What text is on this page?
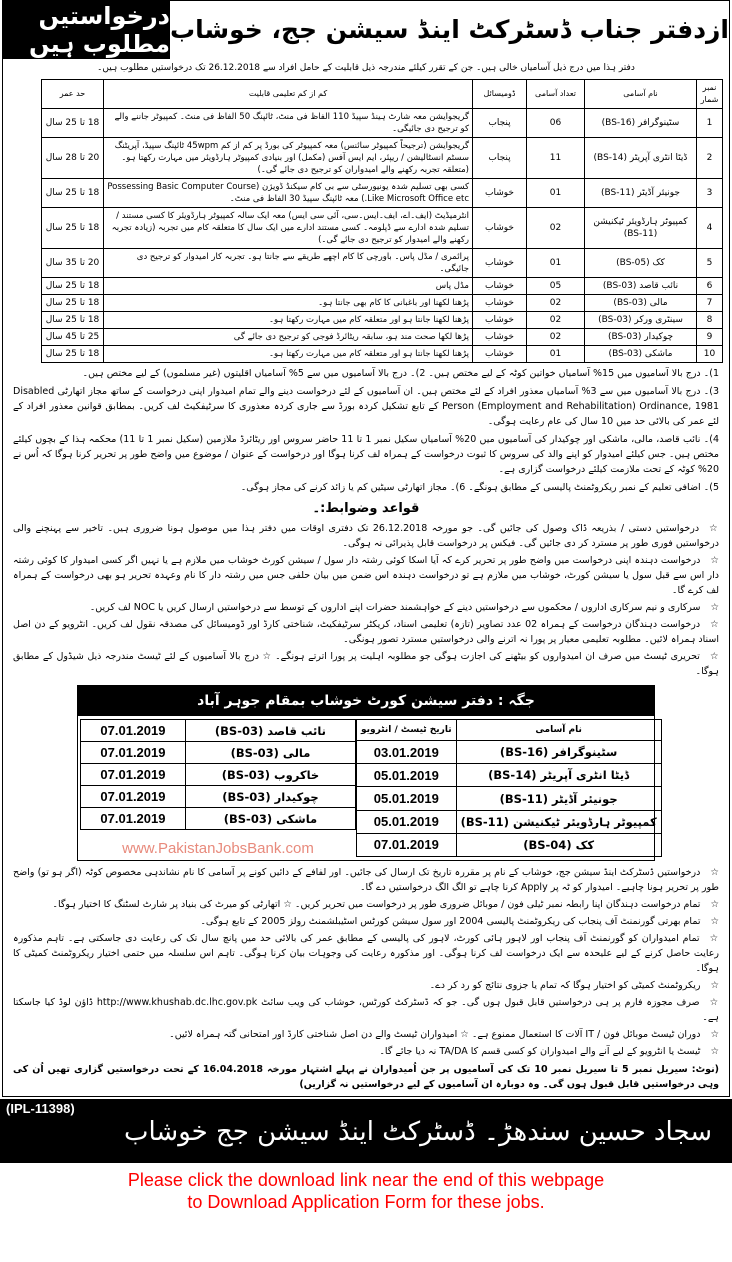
درخواستیں مطلوب ہیں ازدفتر جناب ڈسٹرکٹ اینڈ سیشن جج، خوشاب
دفتر ہذا میں درج ذیل آسامیاں خالی ہیں۔ جن کے تقرر کیلئے مندرجہ ذیل قابلیت کے حامل افراد سے 26.12.2018 تک درخواستیں مطلوب ہیں۔
نمبر شمار	نام آسامی	تعداد آسامی	ڈومیسائل	کم از کم تعلیمی قابلیت	حد عمر
1	سٹینوگرافر (BS-16)	06	پنجاب	گریجوایشن معہ شارٹ ہینڈ سپیڈ 110 الفاظ فی منٹ، ٹائپنگ 50 الفاظ فی منٹ۔ کمپیوٹر جاننے والے کو ترجیح دی جائیگی۔	18 تا 25 سال
2	ڈیٹا انٹری آپریٹر (BS-14)	11	پنجاب	گریجوایشن (ترجیحاً کمپیوٹر سائنس) معہ کمپیوٹر کی بورڈ پر کم از کم 45wpm ٹائپنگ سپیڈ، آپریٹنگ سسٹم انسٹالیشن / ریپئر، ایم ایس آفس (مکمل) اور بنیادی کمپیوٹر ہارڈویئر میں مہارت رکھتا ہو۔ (متعلقہ تجربہ رکھنے والے امیدواران کو ترجیح دی جائے گی۔)	20 تا 28 سال
3	جونیئر آڈیٹر (BS-11)	01	خوشاب	کسی بھی تسلیم شدہ یونیورسٹی سے بی کام سیکنڈ ڈویژن (Possessing Basic Computer Course Like Microsoft Office etc.) معہ ٹائپنگ سپیڈ 30 الفاظ فی منٹ۔	18 تا 25 سال
4	کمپیوٹر ہارڈویئر ٹیکنیشن (BS-11)	02	خوشاب	انٹرمیڈیٹ (ایف۔اے، ایف۔ایس۔سی، آئی سی ایس) معہ ایک سالہ کمپیوٹر ہارڈویئر کا کسی مستند / تسلیم شدہ ادارے سے ڈپلومہ۔ کسی مستند ادارے میں ایک سال کا متعلقہ کام میں تجربہ (زیادہ تجربہ رکھنے والے امیدوار کو ترجیح دی جائے گی۔)	18 تا 25 سال
5	کک (BS-05)	01	خوشاب	پرائمری / مڈل پاس۔ باورچی کا کام اچھے طریقے سے جانتا ہو۔ تجربہ کار امیدوار کو ترجیح دی جائیگی۔	20 تا 35 سال
6	نائب قاصد (BS-03)	05	خوشاب	مڈل پاس	18 تا 25 سال
7	مالی (BS-03)	02	خوشاب	پڑھنا لکھنا اور باغبانی کا کام بھی جانتا ہو۔	18 تا 25 سال
8	سینٹری ورکر (BS-03)	02	خوشاب	پڑھنا لکھنا جانتا ہو اور متعلقہ کام میں مہارت رکھتا ہو۔	18 تا 25 سال
9	چوکیدار (BS-03)	02	خوشاب	پڑھا لکھا صحت مند ہو، سابقہ ریٹائرڈ فوجی کو ترجیح دی جائے گی	25 تا 45 سال
10	ماشکی (BS-03)	01	خوشاب	پڑھنا لکھنا جانتا ہو اور متعلقہ کام میں مہارت رکھتا ہو۔	18 تا 25 سال
1)۔ درج بالا آسامیوں میں 15% آسامیاں خواتین کوٹہ کے لیے مختص ہیں۔ 2)۔ درج بالا آسامیوں میں سے 5% آسامیاں اقلیتوں (غیر مسلموں) کے لیے مختص ہیں۔
3)۔ درج بالا آسامیوں میں سے 3% آسامیاں معذور افراد کے لئے مختص ہیں۔ ان آسامیوں کے لئے درخواست دینے والے تمام امیدوار اپنی درخواست کے ساتھ مجاز اتھارٹی Disabled Person (Employment and Rehabilitation) Ordinance, 1981 کے تابع تشکیل کردہ بورڈ سے جاری کردہ معذوری کا سرٹیفکیٹ لف کریں۔ بمطابق قوانین معذور افراد کے لئے عمر کی بالائی حد میں 10 سال کی عام رعایت ہوگی۔
4)۔ نائب قاصد، مالی، ماشکی اور چوکیدار کی آسامیوں میں 20% آسامیاں سکیل نمبر 1 تا 11 حاضر سروس اور ریٹائرڈ ملازمین (سکیل نمبر 1 تا 11) محکمہ ہذا کے بچوں کیلئے مختص ہیں۔ جس کیلئے امیدوار کو اپنے والد کی سروس کا ثبوت درخواست کے ہمراہ لف کرنا ہوگا اور درخواست کے عنوان / موضوع میں واضح طور پر تحریر کرنا ہوگا کہ اُس نے 20% کوٹہ کے تحت ملازمت کیلئے درخواست گزاری ہے۔
5)۔ اضافی تعلیم کے نمبر ریکروٹمنٹ پالیسی کے مطابق ہونگے۔ 6)۔ مجاز اتھارٹی سیٹیں کم یا زائد کرنے کی مجاز ہوگی۔
قواعد وضوابط:۔
☆درخواستیں دستی / بذریعہ ڈاک وصول کی جائیں گی۔ جو مورخہ 26.12.2018 تک دفتری اوقات میں دفتر ہذا میں موصول ہونا ضروری ہیں۔ تاخیر سے پہنچنے والی درخواستیں فوری طور پر مسترد کر دی جائیں گی۔ فیکس پر درخواست قابل پذیرائی نہ ہوگی۔
☆درخواست دہندہ اپنی درخواست میں واضح طور پر تحریر کرے کہ آیا اسکا کوئی رشتہ دار سول / سیشن کورٹ خوشاب میں ملازم ہے یا نہیں اگر کسی امیدوار کا کوئی رشتہ دار اس سے قبل سول یا سیشن کورٹ، خوشاب میں ملازم ہے تو درخواست دہندہ اس ضمن میں بیان حلفی جس میں رشتہ دار کا نام وعہدہ تحریر ہو بھی درخواست کے ہمراہ لف کرے گا۔
☆سرکاری و نیم سرکاری اداروں / محکموں سے درخواستیں دینے کے خواہشمند حضرات اپنے اداروں کے توسط سے درخواستیں ارسال کریں یا NOC لف کریں۔
☆درخواست دہندگان درخواست کے ہمراہ 02 عدد تصاویر (تازہ) تعلیمی اسناد، کریکٹر سرٹیفکیٹ، شناختی کارڈ اور ڈومیسائل کی مصدقہ نقول لف کریں۔ انٹرویو کے دن اصل اسناد ہمراہ لائیں۔ مطلوبہ تعلیمی معیار پر پورا نہ اترنے والی درخواستیں مسترد تصور ہونگی۔
☆تحریری ٹیسٹ میں صرف ان امیدواروں کو بیٹھنے کی اجازت ہوگی جو مطلوبہ اہلیت پر پورا اترتے ہونگے۔ ☆ درج بالا آسامیوں کے لئے ٹیسٹ مندرجہ ذیل شیڈول کے مطابق ہوگا۔
جگہ : دفتر سیشن کورٹ خوشاب بمقام جوہر آباد
07.01.2019	نائب قاصد (BS-03)
07.01.2019	مالی (BS-03)
07.01.2019	خاکروب (BS-03)
07.01.2019	چوکیدار (BS-03)
07.01.2019	ماشکی (BS-03)
www.PakistanJobsBank.com
تاریخ ٹیسٹ / انٹرویو	نام آسامی
03.01.2019	سٹینوگرافر (BS-16)
05.01.2019	ڈیٹا انٹری آپریٹر (BS-14)
05.01.2019	جونیئر آڈیٹر (BS-11)
05.01.2019	کمپیوٹر ہارڈویئر ٹیکنیشن (BS-11)
07.01.2019	کک (BS-04)
☆درخواستیں ڈسٹرکٹ اینڈ سیشن جج، خوشاب کے نام پر مقررہ تاریخ تک ارسال کی جائیں۔ اور لفافے کے دائیں کونے پر آسامی کا نام نشاندہی مخصوص کوٹہ (اگر ہو تو) واضح طور پر تحریر ہونا چاہیے۔ امیدوار کو ٹہ پر Apply کرنا چاہے تو الگ الگ درخواستیں دے گا۔
☆تمام درخواست دہندگان اپنا رابطہ نمبر ٹیلی فون / موبائل ضروری طور پر درخواست میں تحریر کریں۔ ☆ اتھارٹی کو میرٹ کی بنیاد پر شارٹ لسٹنگ کا اختیار ہوگا۔
☆تمام بھرتی گورنمنٹ آف پنجاب کی ریکروٹمنٹ پالیسی 2004 اور سول سیشن کورٹس اسٹیبلشمنٹ رولز 2005 کے تابع ہوگی۔
☆تمام امیدواران کو گورنمنٹ آف پنجاب اور لاہور ہائی کورٹ، لاہور کی پالیسی کے مطابق عمر کی بالائی حد میں پانچ سال تک کی رعایت دی جاسکتی ہے۔ تاہم مذکورہ رعایت حاصل کرنے کے لیے علیحدہ سے ایک درخواست لف کرنا ہوگی۔ اور مذکورہ رعایت کی وجوہات بیان کرنا ہوگی۔ تاہم اس سلسلہ میں حتمی اختیار ریکروٹمنٹ کمیٹی کا ہوگا۔
☆ریکروٹمنٹ کمیٹی کو اختیار ہوگا کہ تمام یا جزوی نتائج کو رد کر دے۔
☆صرف مجوزہ فارم پر ہی درخواستیں قابل قبول ہوں گی۔ جو کہ ڈسٹرکٹ کورٹس، خوشاب کی ویب سائٹ http://www.khushab.dc.lhc.gov.pk ڈاؤن لوڈ کیا جاسکتا ہے۔
☆دوران ٹیسٹ موبائل فون / IT آلات کا استعمال ممنوع ہے۔ ☆ امیدواران ٹیسٹ والے دن اصل شناختی کارڈ اور امتحانی گتہ ہمراہ لائیں۔
☆ٹیسٹ یا انٹرویو کے لیے آنے والے امیدواران کو کسی قسم کا TA/DA نہ دیا جائے گا۔
(نوٹ: سیریل نمبر 5 تا سیریل نمبر 10 تک کی آسامیوں پر جن اُمیدواران نے پہلے اشتہار مورخہ 16.04.2018 کے تحت درخواستیں گزاری تھیں اُن کی وہی درخواستیں قابل قبول ہوں گی۔ وہ دوبارہ ان آسامیوں کے لیے درخواستیں نہ گزاریں)
(IPL-11398)
سجاد حسین سندھڑ۔ ڈسٹرکٹ اینڈ سیشن جج خوشاب
Please click the download link near the end of this webpage
to Download Application Form for these jobs.
